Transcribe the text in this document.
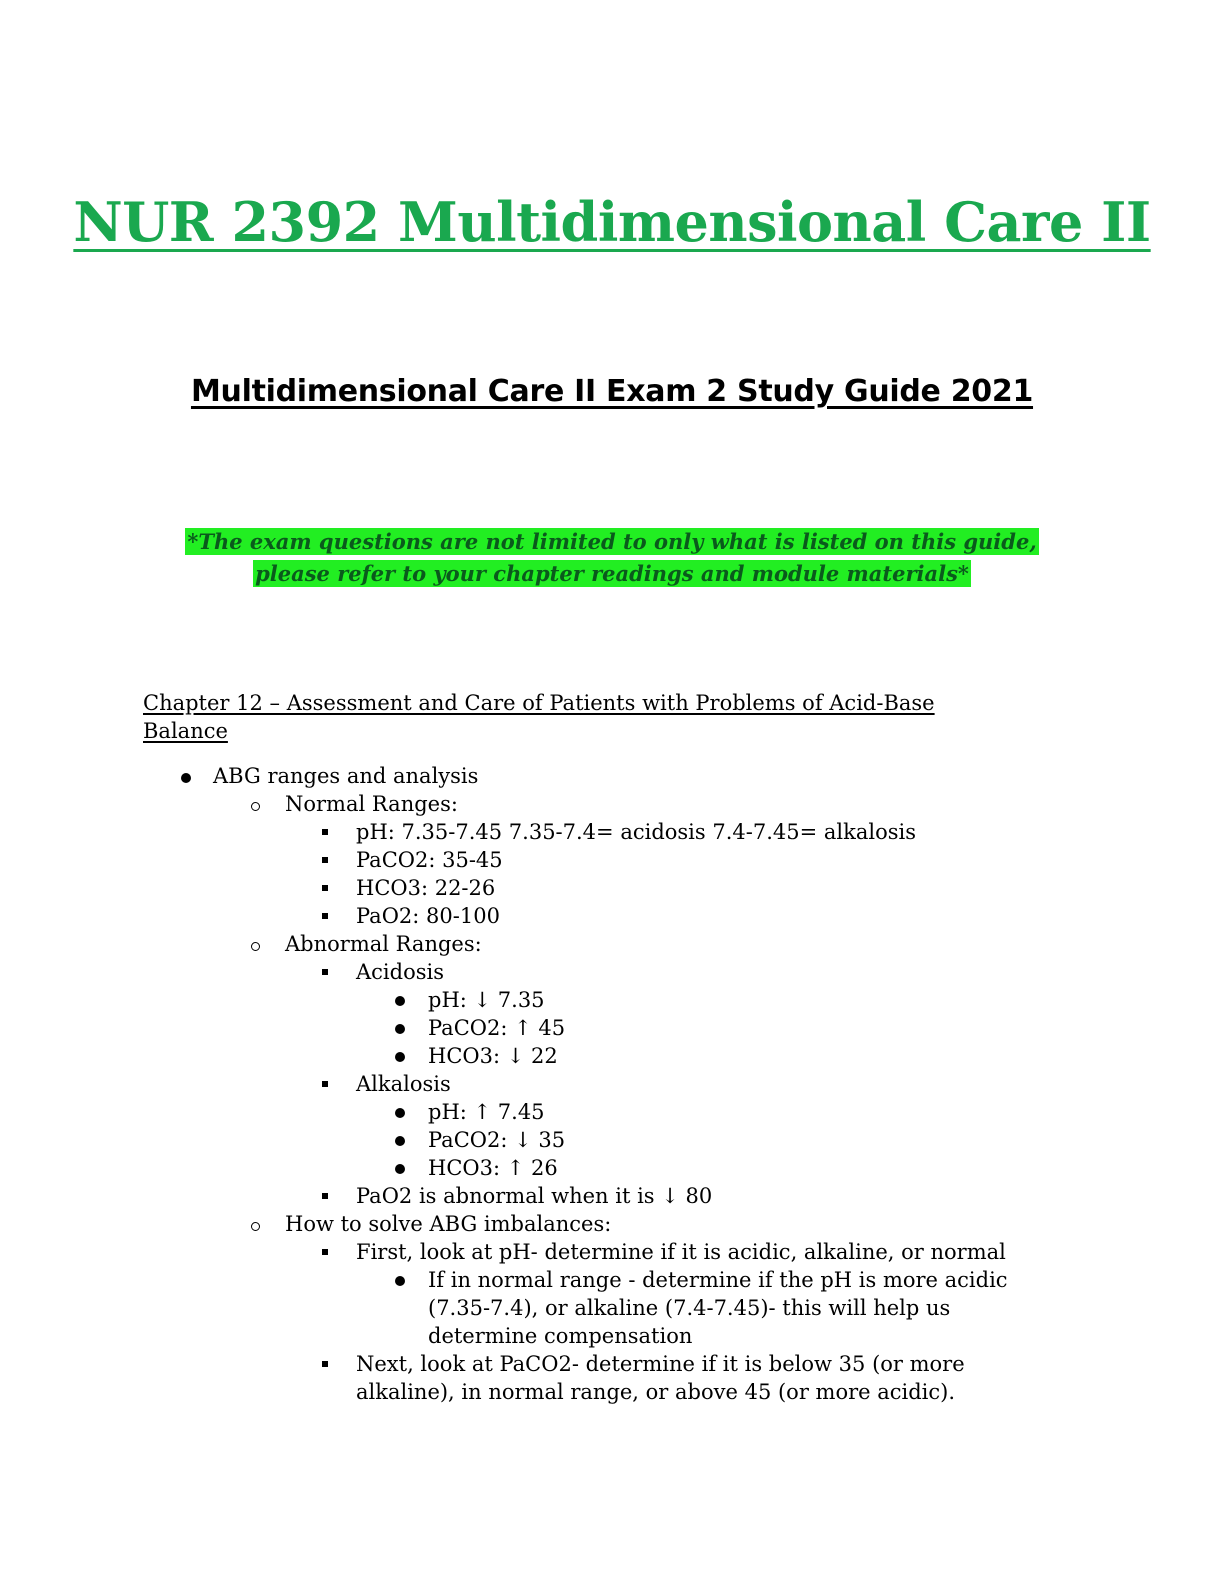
NUR 2392 Multidimensional Care II
Multidimensional Care II Exam 2 Study Guide 2021
*The exam questions are not limited to only what is listed on this guide,
please refer to your chapter readings and module materials*
Chapter 12 – Assessment and Care of Patients with Problems of Acid-Base
Balance
ABG ranges and analysis
Normal Ranges:
pH: 7.35-7.45 7.35-7.4= acidosis 7.4-7.45= alkalosis
PaCO2: 35-45
HCO3: 22-26
PaO2: 80-100
Abnormal Ranges:
Acidosis
pH: ↓ 7.35
PaCO2: ↑ 45
HCO3: ↓ 22
Alkalosis
pH: ↑ 7.45
PaCO2: ↓ 35
HCO3: ↑ 26
PaO2 is abnormal when it is ↓ 80
How to solve ABG imbalances:
First, look at pH- determine if it is acidic, alkaline, or normal
If in normal range - determine if the pH is more acidic
(7.35-7.4), or alkaline (7.4-7.45)- this will help us
determine compensation
Next, look at PaCO2- determine if it is below 35 (or more
alkaline), in normal range, or above 45 (or more acidic).
